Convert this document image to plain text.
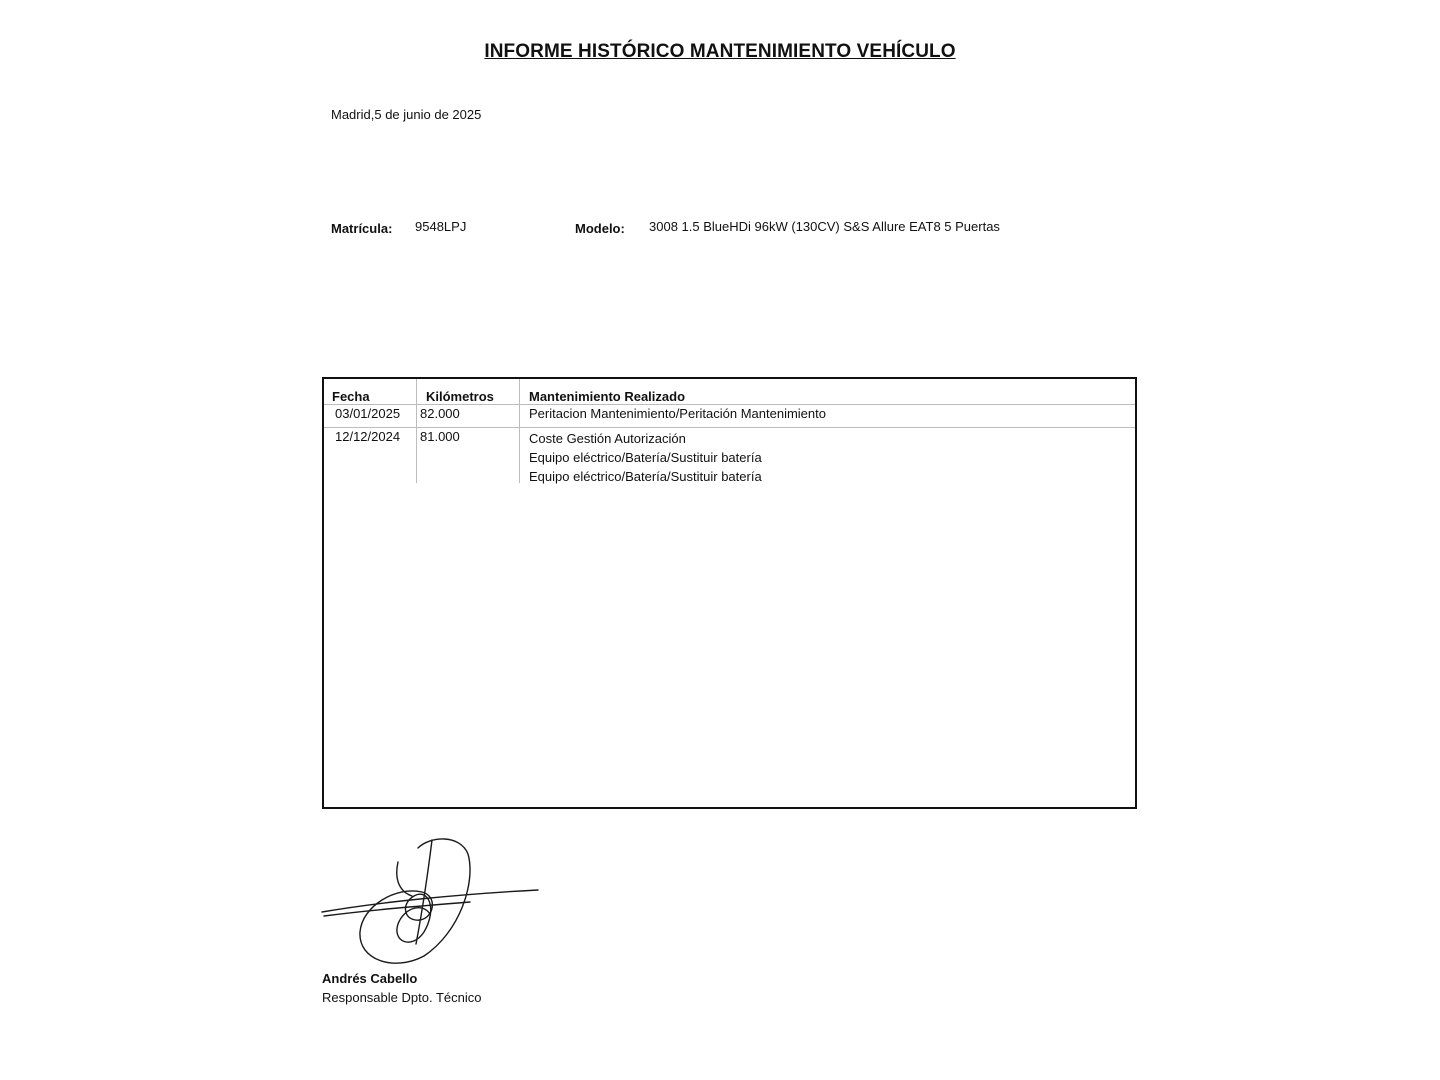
INFORME HISTÓRICO MANTENIMIENTO VEHÍCULO
Madrid,5 de junio de 2025
Matrícula: 9548LPJ	Modelo: 3008 1.5 BlueHDi 96kW (130CV) S&S Allure EAT8 5 Puertas
Fecha	Kilómetros	Mantenimiento Realizado
03/01/2025 82.000	Peritacion Mantenimiento/Peritación Mantenimiento
12/12/2024 81.000	Coste Gestión Autorización
Equipo eléctrico/Batería/Sustituir batería
Equipo eléctrico/Batería/Sustituir batería
Andrés Cabello
Responsable Dpto. Técnico
